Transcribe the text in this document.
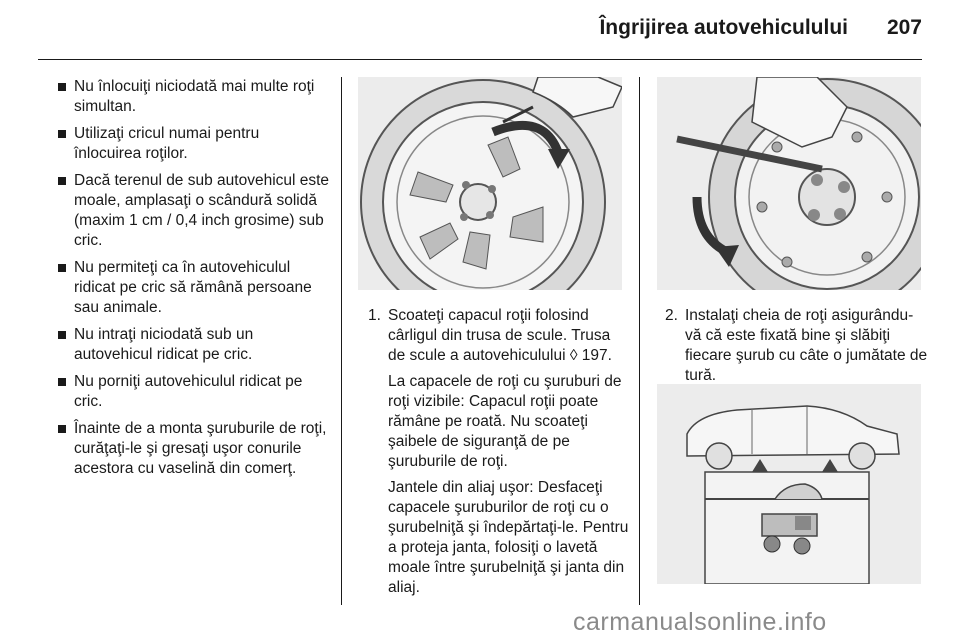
Îngrijirea autovehiculului 207
Nu înlocuiţi niciodată mai multe roţi simultan.
Utilizaţi cricul numai pentru înlocuirea roţilor.
Dacă terenul de sub autovehicul este moale, amplasaţi o scândură solidă (maxim 1 cm / 0,4 inch grosime) sub cric.
Nu permiteţi ca în autovehiculul ridicat pe cric să rămână persoane sau animale.
Nu intraţi niciodată sub un autovehicul ridicat pe cric.
Nu porniţi autovehiculul ridicat pe cric.
Înainte de a monta şuruburile de roţi, curăţaţi-le şi gresaţi uşor conurile acestora cu vaselină din comerţ.

1. Scoateţi capacul roţii folosind cârligul din trusa de scule. Trusa de scule a autovehiculului ◊ 197.

La capacele de roţi cu şuruburi de roţi vizibile: Capacul roţii poate rămâne pe roată. Nu scoateţi şaibele de siguranţă de pe şuruburile de roţi.

Jantele din aliaj uşor: Desfaceţi capacele şuruburilor de roţi cu o şurubelniţă şi îndepărtaţi-le. Pentru a proteja janta, folosiţi o lavetă moale între şurubelniţă şi janta din aliaj.

2. Instalaţi cheia de roţi asigurându-vă că este fixată bine şi slăbiţi fiecare şurub cu câte o jumătate de tură.

carmanualsonline.info
